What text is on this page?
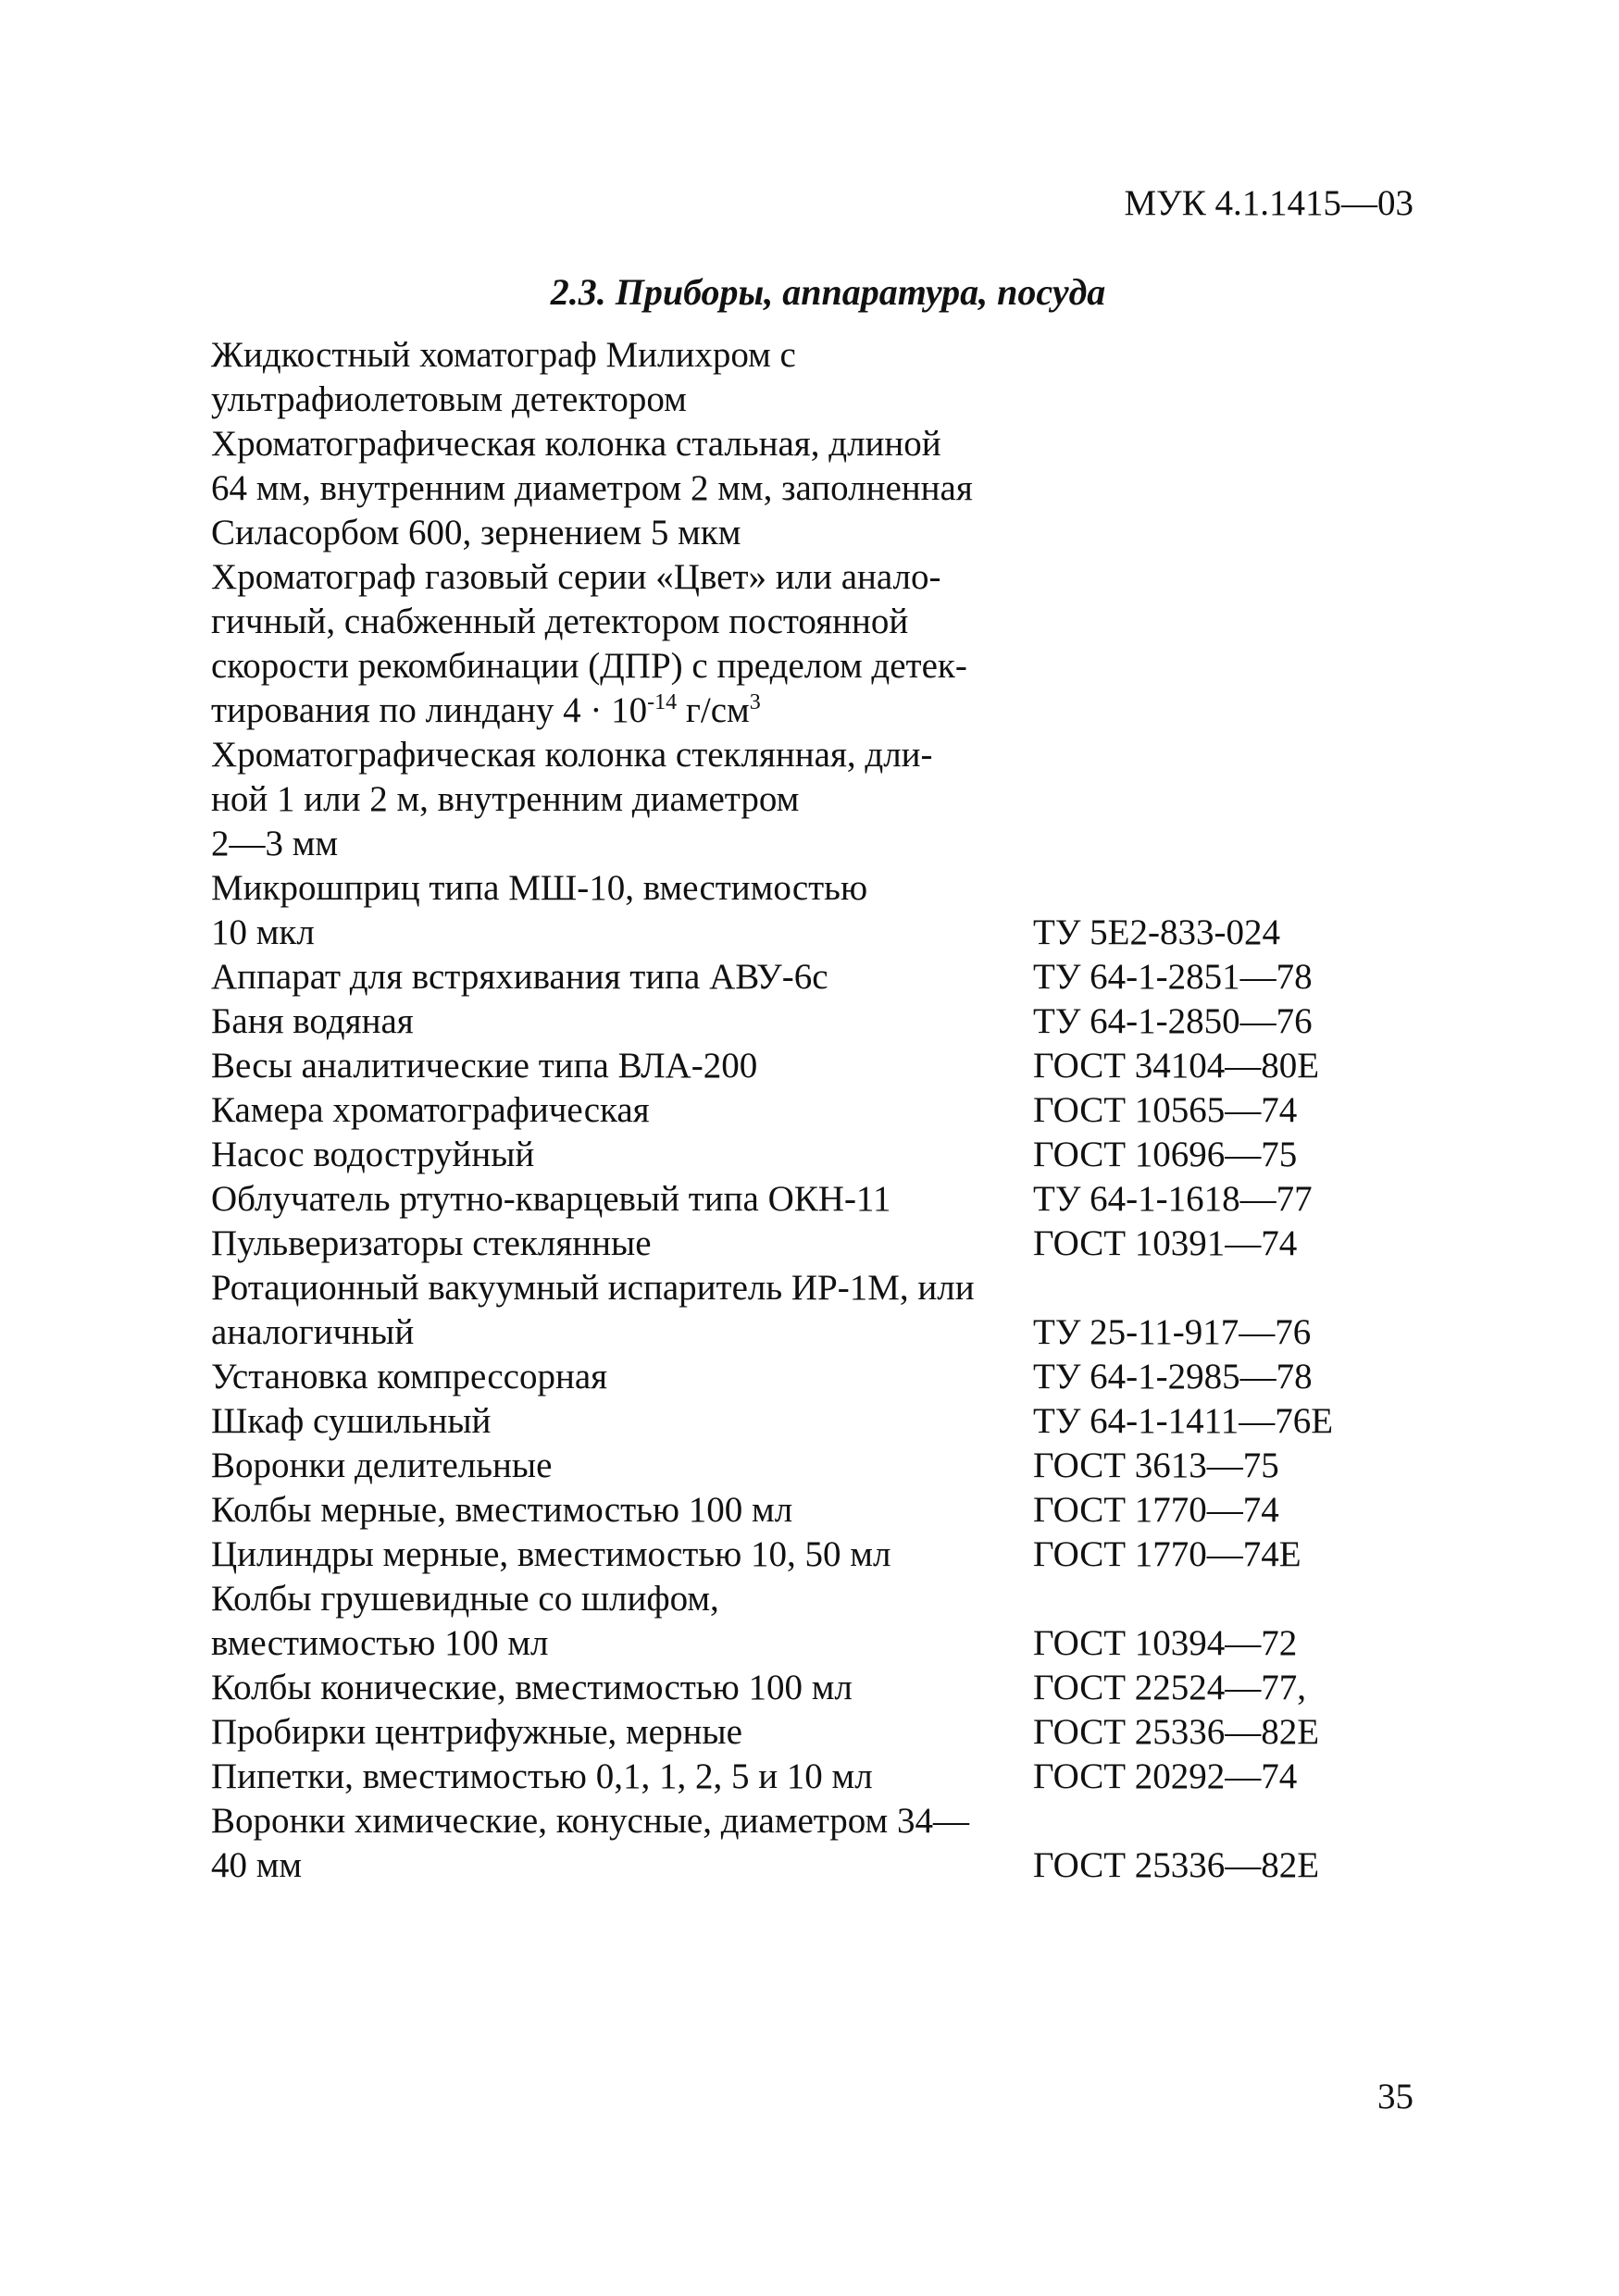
МУК 4.1.1415—03
2.3. Приборы, аппаратура, посуда
Жидкостный хоматограф Милихром с
ультрафиолетовым детектором
Хроматографическая колонка стальная, длиной
64 мм, внутренним диаметром 2 мм, заполненная
Силасорбом 600, зернением 5 мкм
Хроматограф газовый серии «Цвет» или анало-
гичный, снабженный детектором постоянной
скорости рекомбинации (ДПР) с пределом детек-
тирования по линдану $4 \cdot 10^{-14}$ $г/см^3$
Хроматографическая колонка стеклянная, дли-
ной 1 или 2 м, внутренним диаметром
2—3 мм
Микрошприц типа МШ-10, вместимостью
10 мкл	ТУ 5Е2-833-024
Аппарат для встряхивания типа АВУ-6с	ТУ 64-1-2851—78
Баня водяная	ТУ 64-1-2850—76
Весы аналитические типа ВЛА-200	ГОСТ 34104—80Е
Камера хроматографическая	ГОСТ 10565—74
Насос водоструйный	ГОСТ 10696—75
Облучатель ртутно-кварцевый типа ОКН-11	ТУ 64-1-1618—77
Пульверизаторы стеклянные	ГОСТ 10391—74
Ротационный вакуумный испаритель ИР-1М, или
аналогичный	ТУ 25-11-917—76
Установка компрессорная	ТУ 64-1-2985—78
Шкаф сушильный	ТУ 64-1-1411—76Е
Воронки делительные	ГОСТ 3613—75
Колбы мерные, вместимостью 100 мл	ГОСТ 1770—74
Цилиндры мерные, вместимостью 10, 50 мл	ГОСТ 1770—74Е
Колбы грушевидные со шлифом,
вместимостью 100 мл	ГОСТ 10394—72
Колбы конические, вместимостью 100 мл	ГОСТ 22524—77,
Пробирки центрифужные, мерные	ГОСТ 25336—82Е
Пипетки, вместимостью 0,1, 1, 2, 5 и 10 мл	ГОСТ 20292—74
Воронки химические, конусные, диаметром 34—
40 мм	ГОСТ 25336—82Е
35
